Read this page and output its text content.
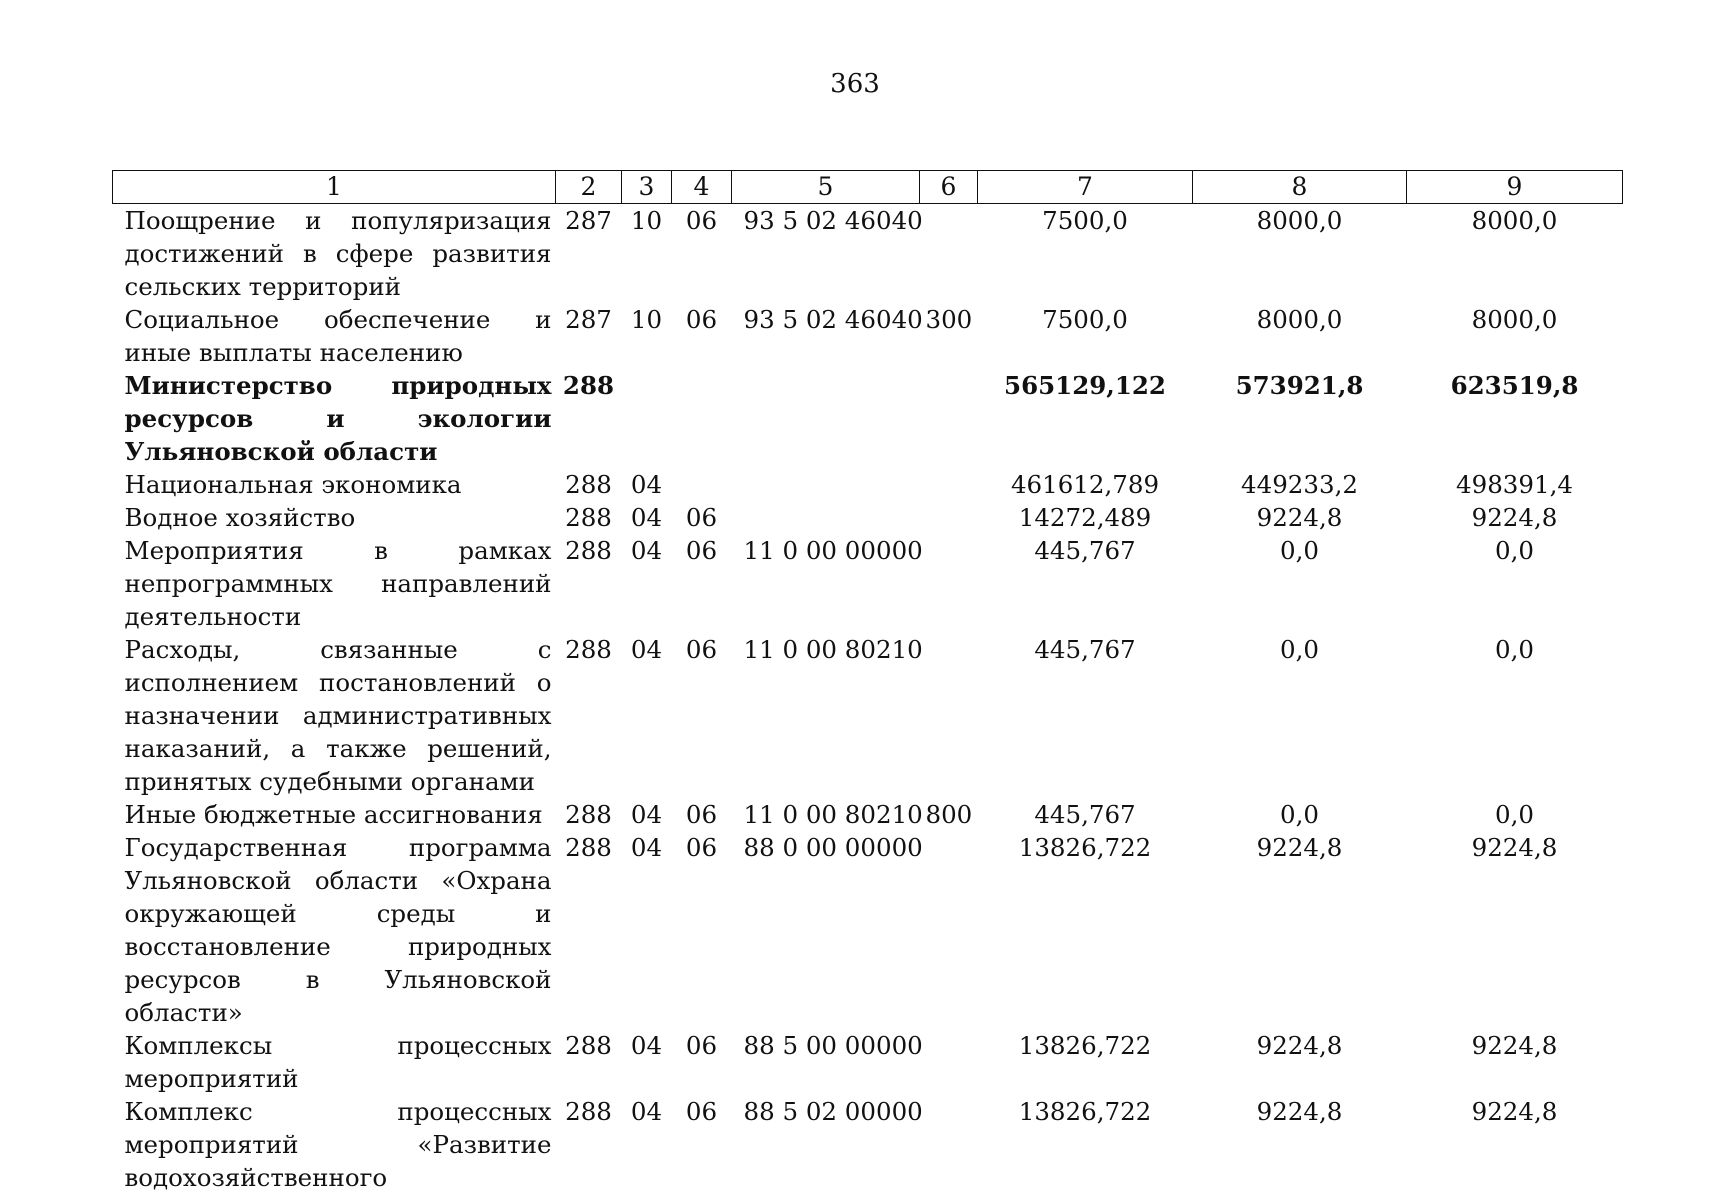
363
1	2	3	4	5	6	7	8	9
Поощрение и популяризация достижений в сфере развития сельских территорий	287	10	06	93 5 02 46040		7500,0	8000,0	8000,0
Социальное обеспечение и иные выплаты населению	287	10	06	93 5 02 46040	300	7500,0	8000,0	8000,0
Министерство природных ресурсов и экологии Ульяновской области	288					565129,122	573921,8	623519,8
Национальная экономика	288	04				461612,789	449233,2	498391,4
Водное хозяйство	288	04	06			14272,489	9224,8	9224,8
Мероприятия в рамках непрограммных направлений деятельности	288	04	06	11 0 00 00000		445,767	0,0	0,0
Расходы, связанные с исполнением постановлений о назначении административных наказаний, а также решений, принятых судебными органами	288	04	06	11 0 00 80210		445,767	0,0	0,0
Иные бюджетные ассигнования	288	04	06	11 0 00 80210	800	445,767	0,0	0,0
Государственная программа Ульяновской области «Охрана окружающей среды и восстановление природных ресурсов в Ульяновской области»	288	04	06	88 0 00 00000		13826,722	9224,8	9224,8
Комплексы процессных мероприятий	288	04	06	88 5 00 00000		13826,722	9224,8	9224,8
Комплекс процессных мероприятий «Развитие водохозяйственного	288	04	06	88 5 02 00000		13826,722	9224,8	9224,8
